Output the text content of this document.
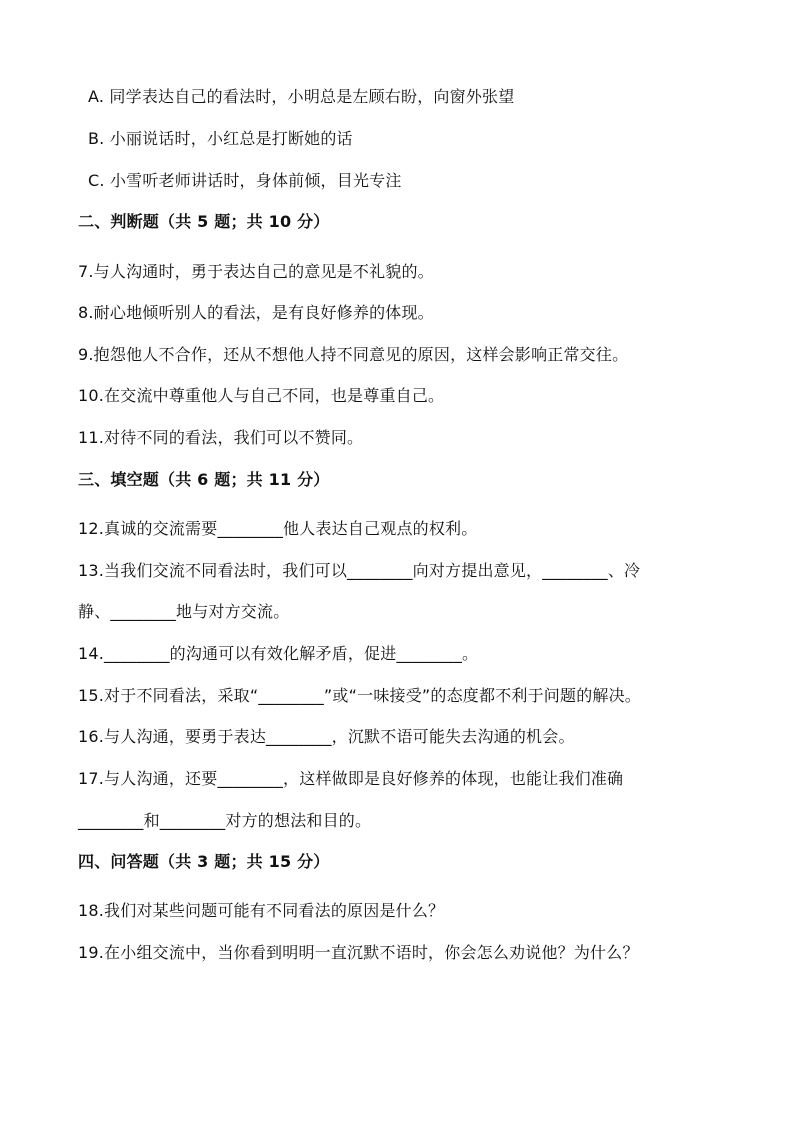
A. 同学表达自己的看法时，小明总是左顾右盼，向窗外张望
B. 小丽说话时，小红总是打断她的话
C. 小雪听老师讲话时，身体前倾，目光专注
二、判断题（共 5 题；共 10 分）
7.与人沟通时，勇于表达自己的意见是不礼貌的。
8.耐心地倾听别人的看法，是有良好修养的体现。
9.抱怨他人不合作，还从不想他人持不同意见的原因，这样会影响正常交往。
10.在交流中尊重他人与自己不同，也是尊重自己。
11.对待不同的看法，我们可以不赞同。
三、填空题（共 6 题；共 11 分）
12.真诚的交流需要________他人表达自己观点的权利。
13.当我们交流不同看法时，我们可以________向对方提出意见，________、冷
静、________地与对方交流。
14.________的沟通可以有效化解矛盾，促进________。
15.对于不同看法，采取“________”或“一味接受”的态度都不利于问题的解决。
16.与人沟通，要勇于表达________，沉默不语可能失去沟通的机会。
17.与人沟通，还要________，这样做即是良好修养的体现，也能让我们准确
________和________对方的想法和目的。
四、问答题（共 3 题；共 15 分）
18.我们对某些问题可能有不同看法的原因是什么？
19.在小组交流中，当你看到明明一直沉默不语时，你会怎么劝说他？为什么？
